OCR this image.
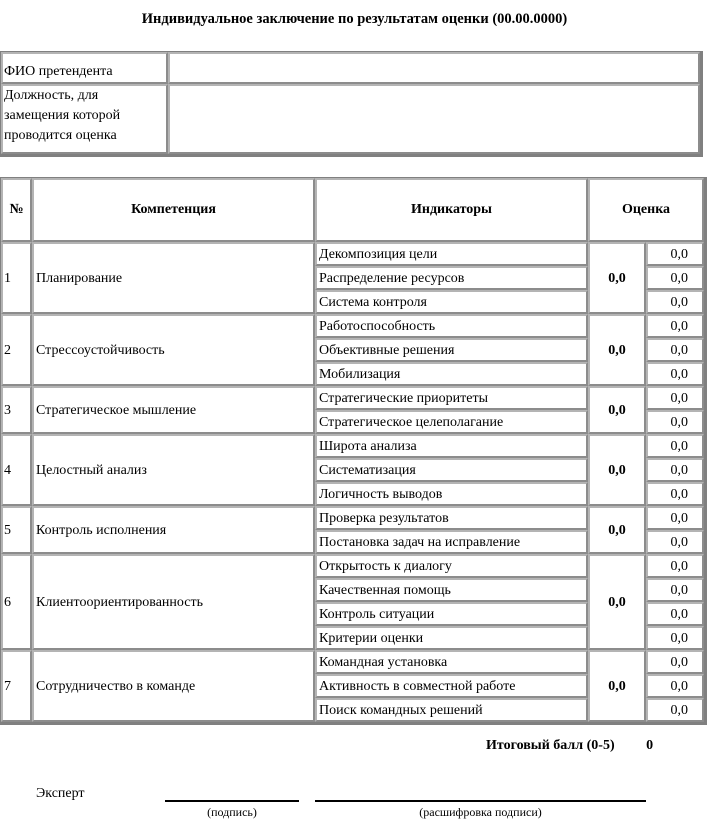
Индивидуальное заключение по результатам оценки (00.00.0000)
ФИО претендента	
Должность, для замещения которой проводится оценка	
№	Компетенция	Индикаторы	Оценка	
1	Планирование	Декомпозиция цели	0,0	0,0
		Распределение ресурсов		0,0
		Система контроля		0,0
2	Стрессоустойчивость	Работоспособность	0,0	0,0
		Объективные решения		0,0
		Мобилизация		0,0
3	Стратегическое мышление	Стратегические приоритеты	0,0	0,0
		Стратегическое целеполагание		0,0
4	Целостный анализ	Широта анализа	0,0	0,0
		Систематизация		0,0
		Логичность выводов		0,0
5	Контроль исполнения	Проверка результатов	0,0	0,0
		Постановка задач на исправление		0,0
6	Клиентоориентированность	Открытость к диалогу	0,0	0,0
		Качественная помощь		0,0
		Контроль ситуации		0,0
		Критерии оценки		0,0
7	Сотрудничество в команде	Командная установка	0,0	0,0
		Активность в совместной работе		0,0
		Поиск командных решений		0,0
Итоговый балл (0-5) 0
Эксперт
(подпись)	(расшифровка подписи)
